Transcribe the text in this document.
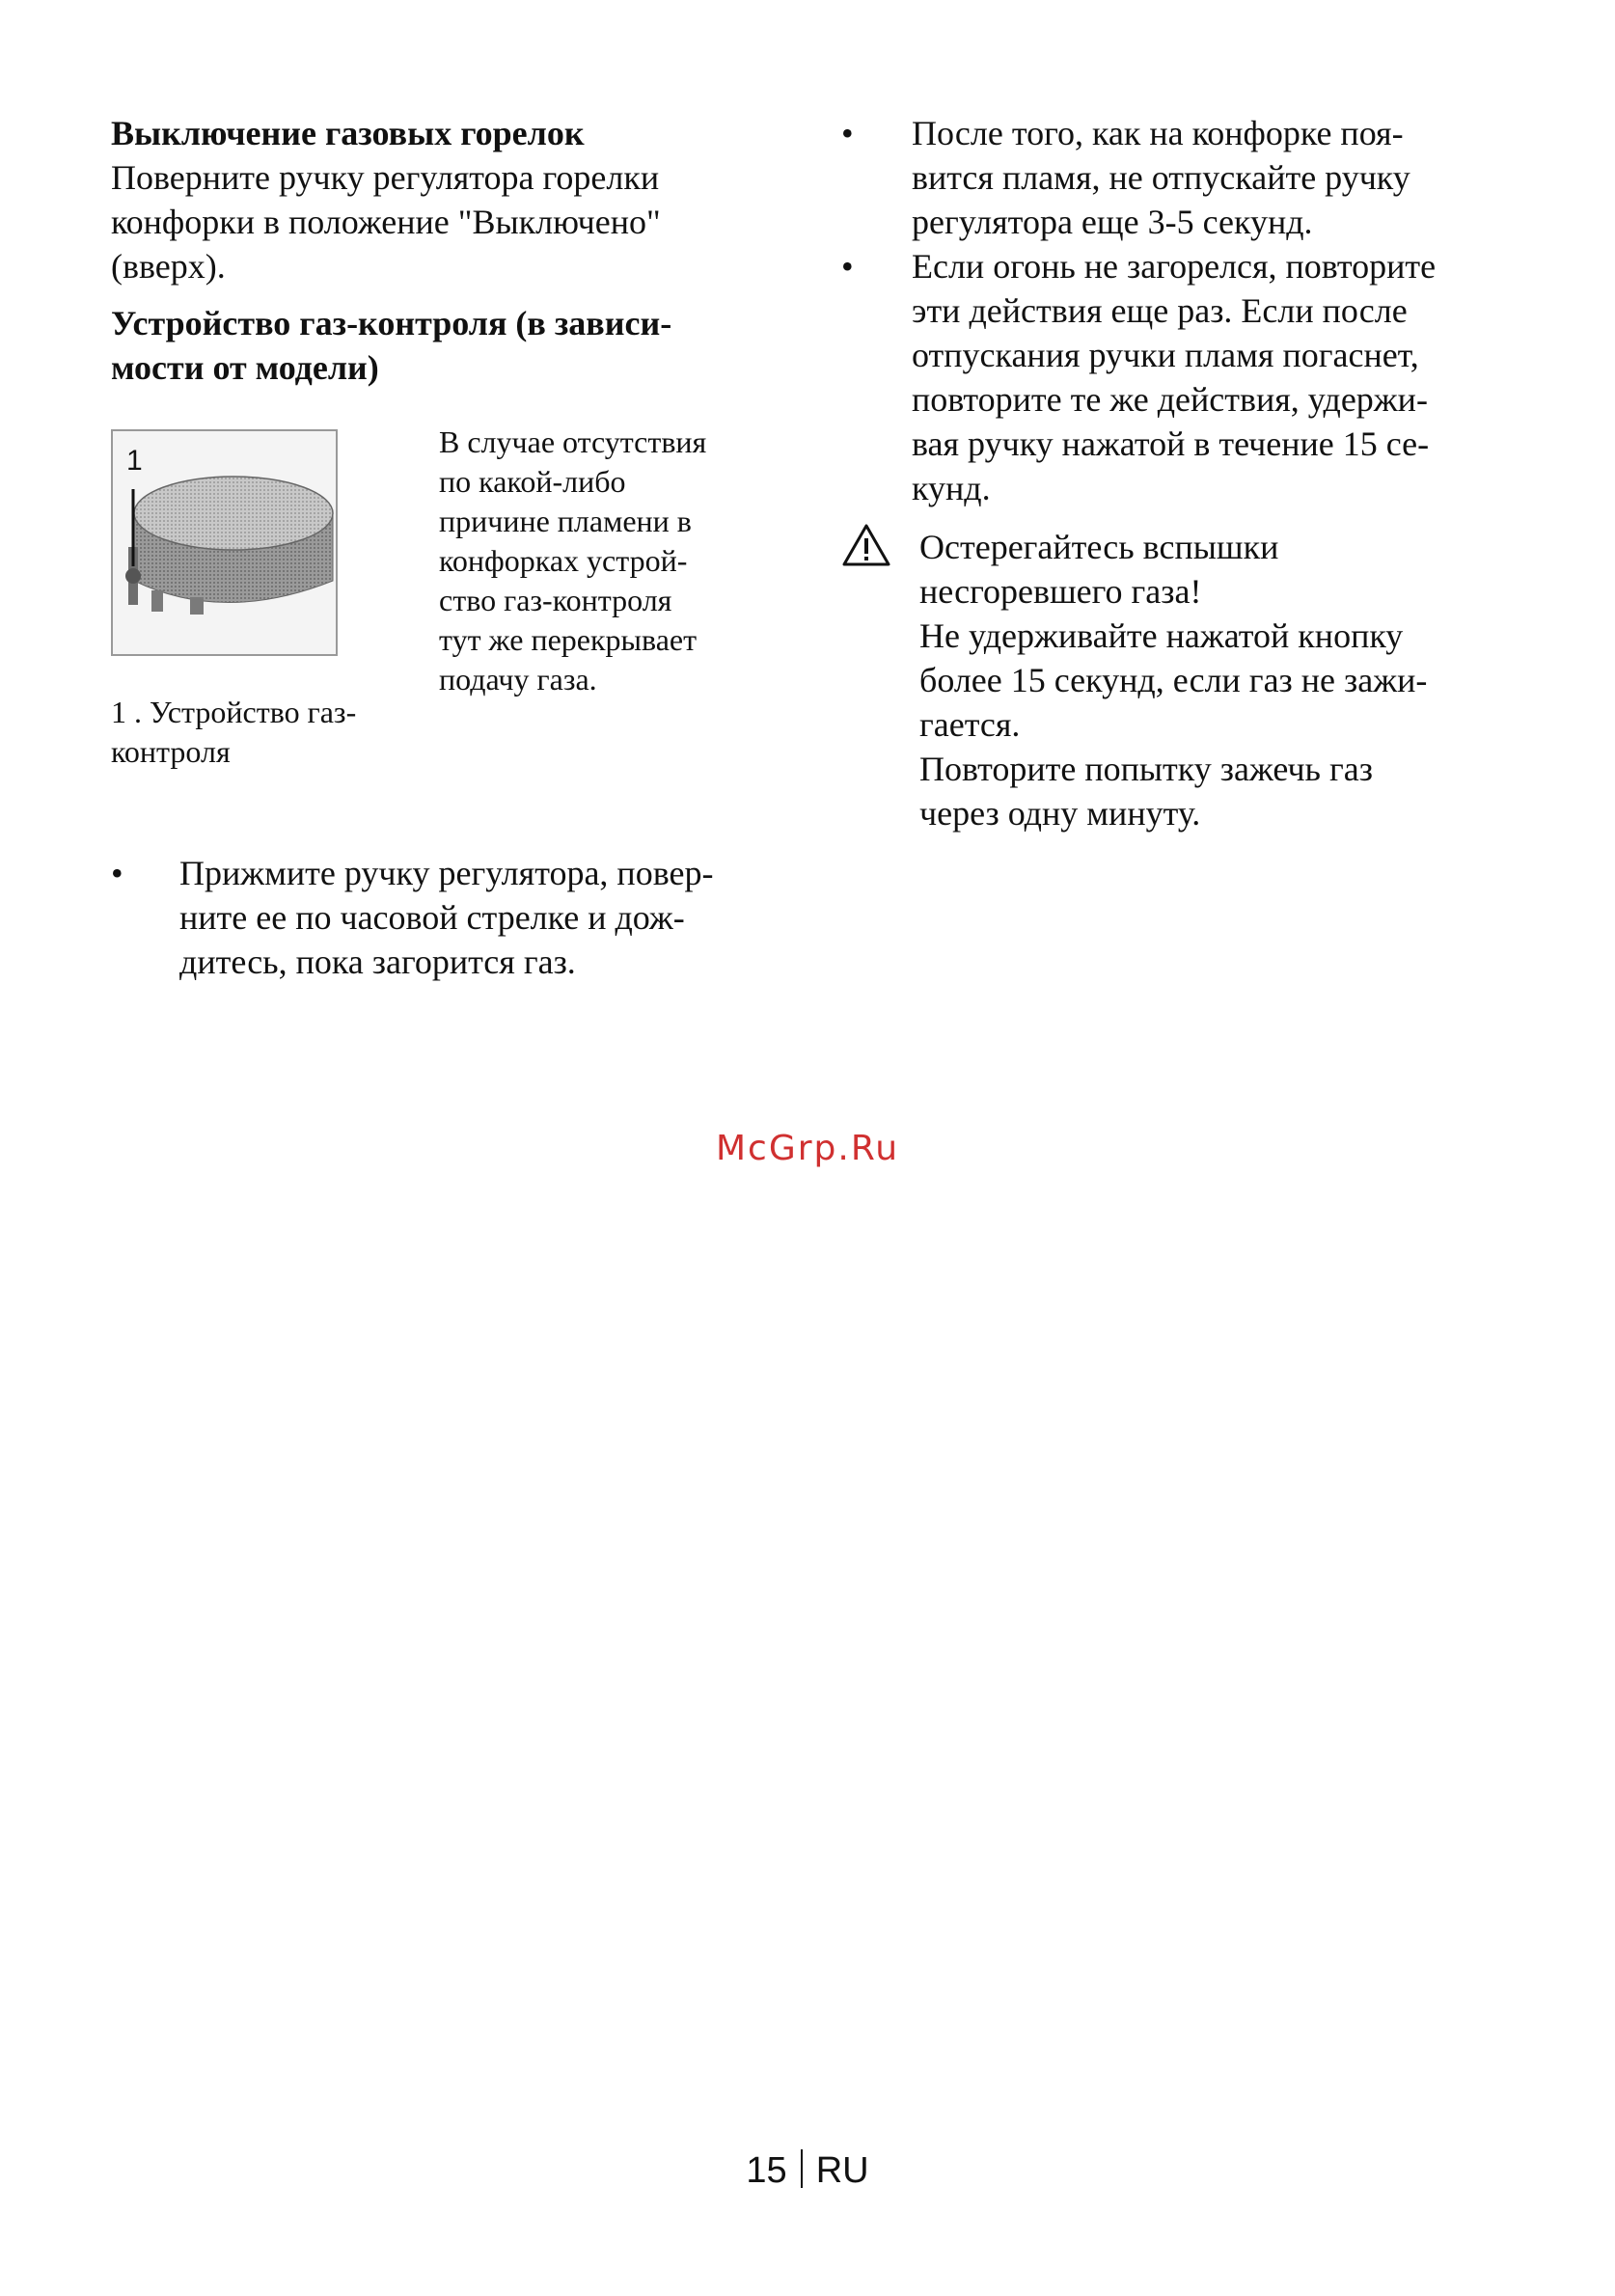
Выключение газовых горелок
Поверните ручку регулятора горелки
конфорки в положение "Выключено"
(вверх).
Устройство газ-контроля (в зависи-
мости от модели)
1
1 . Устройство газ-
контроля
В случае отсутствия
по какой-либо
причине пламени в
конфорках устрой-
ство газ-контроля
тут же перекрывает
подачу газа.
• Прижмите ручку регулятора, повер-
ните ее по часовой стрелке и дож-
дитесь, пока загорится газ.
• После того, как на конфорке поя-
вится пламя, не отпускайте ручку
регулятора еще 3-5 секунд.
• Если огонь не загорелся, повторите
эти действия еще раз. Если после
отпускания ручки пламя погаснет,
повторите те же действия, удержи-
вая ручку нажатой в течение 15 се-
кунд.
Остерегайтесь вспышки
несгоревшего газа!
Не удерживайте нажатой кнопку
более 15 секунд, если газ не зажи-
гается.
Повторите попытку зажечь газ
через одну минуту.
McGrp.Ru
15 RU
